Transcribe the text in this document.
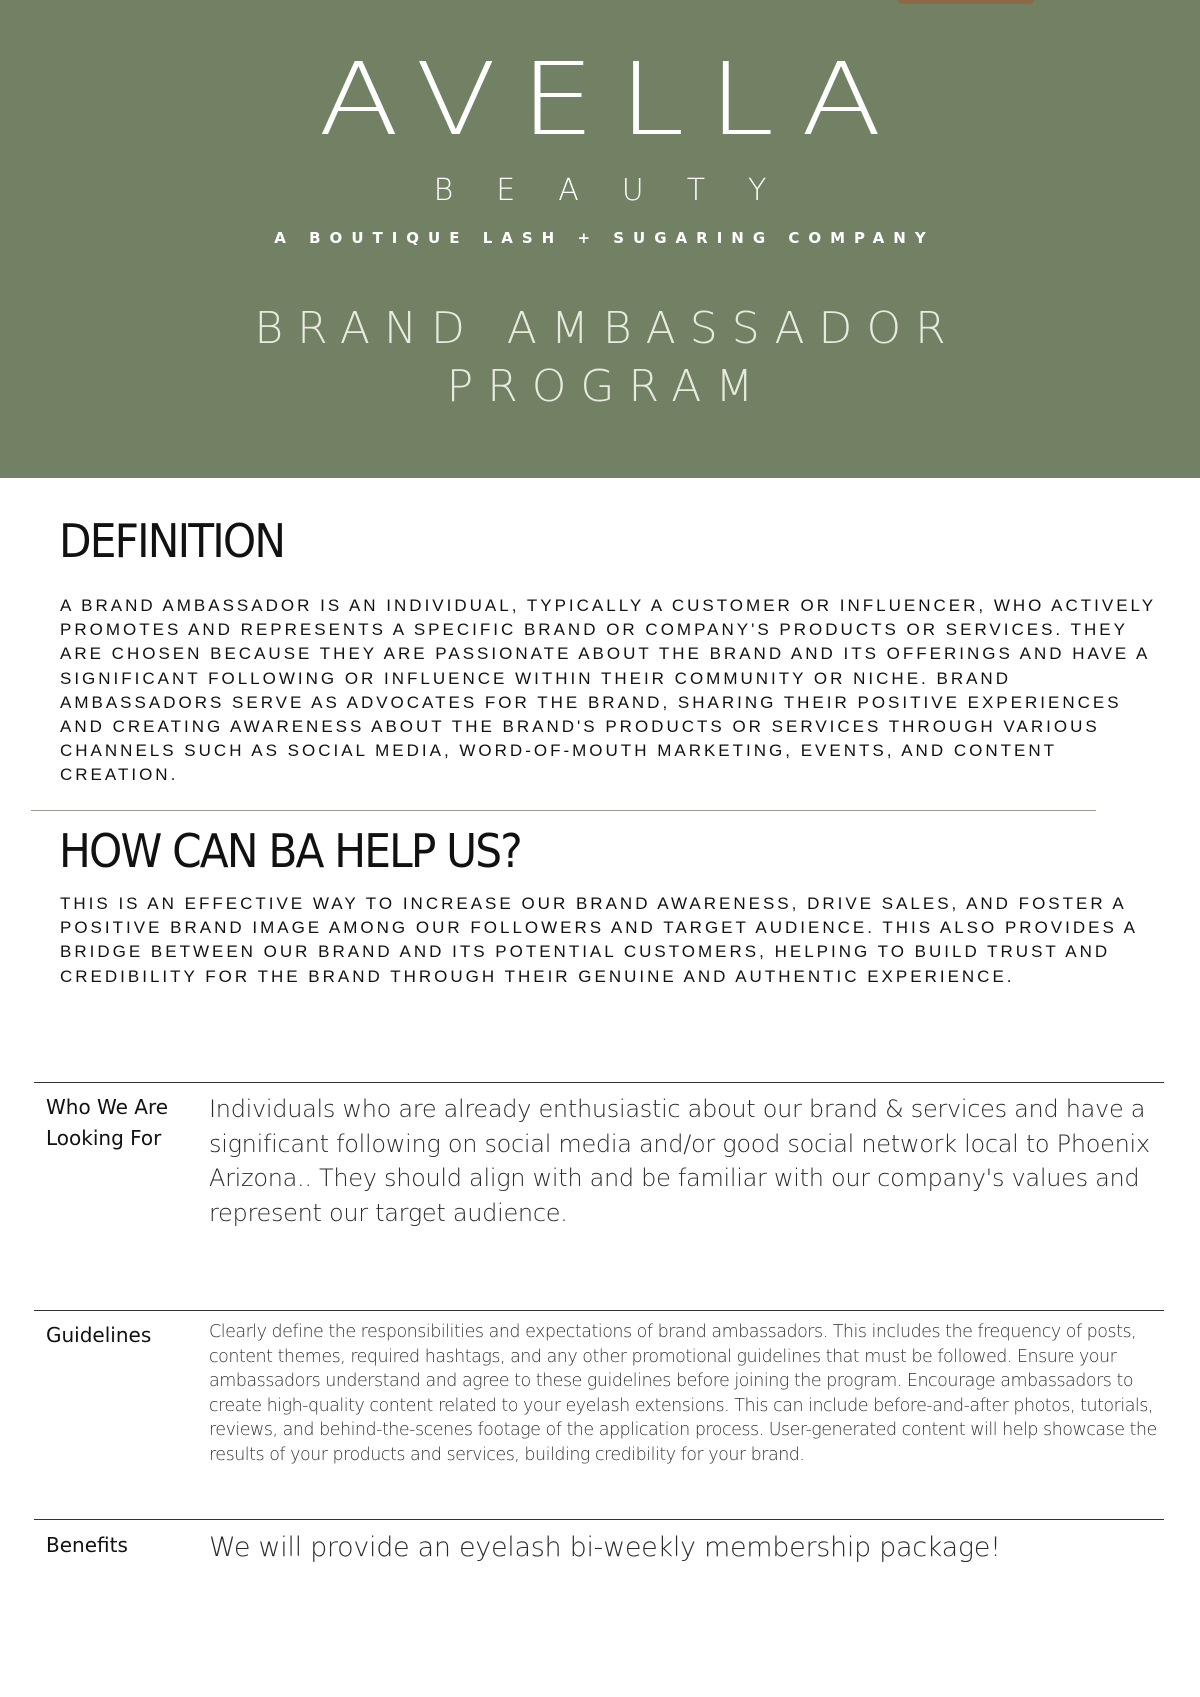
AVELLA
BEAUTY
A BOUTIQUE LASH + SUGARING COMPANY
BRAND AMBASSADOR
PROGRAM
DEFINITION

A BRAND AMBASSADOR IS AN INDIVIDUAL, TYPICALLY A CUSTOMER OR INFLUENCER, WHO ACTIVELY PROMOTES AND REPRESENTS A SPECIFIC BRAND OR COMPANY'S PRODUCTS OR SERVICES. THEY ARE CHOSEN BECAUSE THEY ARE PASSIONATE ABOUT THE BRAND AND ITS OFFERINGS AND HAVE A SIGNIFICANT FOLLOWING OR INFLUENCE WITHIN THEIR COMMUNITY OR NICHE. BRAND AMBASSADORS SERVE AS ADVOCATES FOR THE BRAND, SHARING THEIR POSITIVE EXPERIENCES AND CREATING AWARENESS ABOUT THE BRAND'S PRODUCTS OR SERVICES THROUGH VARIOUS CHANNELS SUCH AS SOCIAL MEDIA, WORD-OF-MOUTH MARKETING, EVENTS, AND CONTENT CREATION.

HOW CAN BA HELP US?

THIS IS AN EFFECTIVE WAY TO INCREASE OUR BRAND AWARENESS, DRIVE SALES, AND FOSTER A POSITIVE BRAND IMAGE AMONG OUR FOLLOWERS AND TARGET AUDIENCE. THIS ALSO PROVIDES A BRIDGE BETWEEN OUR BRAND AND ITS POTENTIAL CUSTOMERS, HELPING TO BUILD TRUST AND CREDIBILITY FOR THE BRAND THROUGH THEIR GENUINE AND AUTHENTIC EXPERIENCE.

Who We Are Looking For

Individuals who are already enthusiastic about our brand & services and have a significant following on social media and/or good social network local to Phoenix Arizona.. They should align with and be familiar with our company's values and represent our target audience.

Guidelines	Clearly define the responsibilities and expectations of brand ambassadors. This includes the frequency of posts, content themes, required hashtags, and any other promotional guidelines that must be followed. Ensure your ambassadors understand and agree to these guidelines before joining the program. Encourage ambassadors to create high-quality content related to your eyelash extensions. This can include before-and-after photos, tutorials, reviews, and behind-the-scenes footage of the application process. User-generated content will help showcase the results of your products and services, building credibility for your brand.

Benefits	We will provide an eyelash bi-weekly membership package!
